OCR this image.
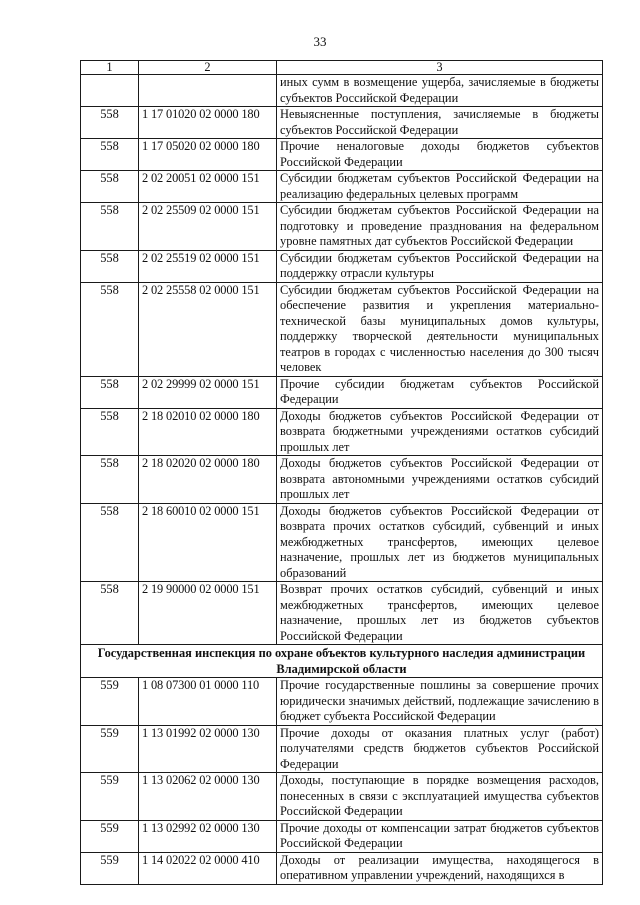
33
1	2	3
		иных сумм в возмещение ущерба, зачисляемые в бюджеты субъектов Российской Федерации
558	1 17 01020 02 0000 180	Невыясненные поступления, зачисляемые в бюджеты субъектов Российской Федерации
558	1 17 05020 02 0000 180	Прочие неналоговые доходы бюджетов субъектов Российской Федерации
558	2 02 20051 02 0000 151	Субсидии бюджетам субъектов Российской Федерации на реализацию федеральных целевых программ
558	2 02 25509 02 0000 151	Субсидии бюджетам субъектов Российской Федерации на подготовку и проведение празднования на федеральном уровне памятных дат субъектов Российской Федерации
558	2 02 25519 02 0000 151	Субсидии бюджетам субъектов Российской Федерации на поддержку отрасли культуры
558	2 02 25558 02 0000 151	Субсидии бюджетам субъектов Российской Федерации на обеспечение развития и укрепления материально-технической базы муниципальных домов культуры, поддержку творческой деятельности муниципальных театров в городах с численностью населения до 300 тысяч человек
558	2 02 29999 02 0000 151	Прочие субсидии бюджетам субъектов Российской Федерации
558	2 18 02010 02 0000 180	Доходы бюджетов субъектов Российской Федерации от возврата бюджетными учреждениями остатков субсидий прошлых лет
558	2 18 02020 02 0000 180	Доходы бюджетов субъектов Российской Федерации от возврата автономными учреждениями остатков субсидий прошлых лет
558	2 18 60010 02 0000 151	Доходы бюджетов субъектов Российской Федерации от возврата прочих остатков субсидий, субвенций и иных межбюджетных трансфертов, имеющих целевое назначение, прошлых лет из бюджетов муниципальных образований
558	2 19 90000 02 0000 151	Возврат прочих остатков субсидий, субвенций и иных межбюджетных трансфертов, имеющих целевое назначение, прошлых лет из бюджетов субъектов Российской Федерации
Государственная инспекция по охране объектов культурного наследия администрации Владимирской области		
559	1 08 07300 01 0000 110	Прочие государственные пошлины за совершение прочих юридически значимых действий, подлежащие зачислению в бюджет субъекта Российской Федерации
559	1 13 01992 02 0000 130	Прочие доходы от оказания платных услуг (работ) получателями средств бюджетов субъектов Российской Федерации
559	1 13 02062 02 0000 130	Доходы, поступающие в порядке возмещения расходов, понесенных в связи с эксплуатацией имущества субъектов Российской Федерации
559	1 13 02992 02 0000 130	Прочие доходы от компенсации затрат бюджетов субъектов Российской Федерации
559	1 14 02022 02 0000 410	Доходы от реализации имущества, находящегося в оперативном управлении учреждений, находящихся в
